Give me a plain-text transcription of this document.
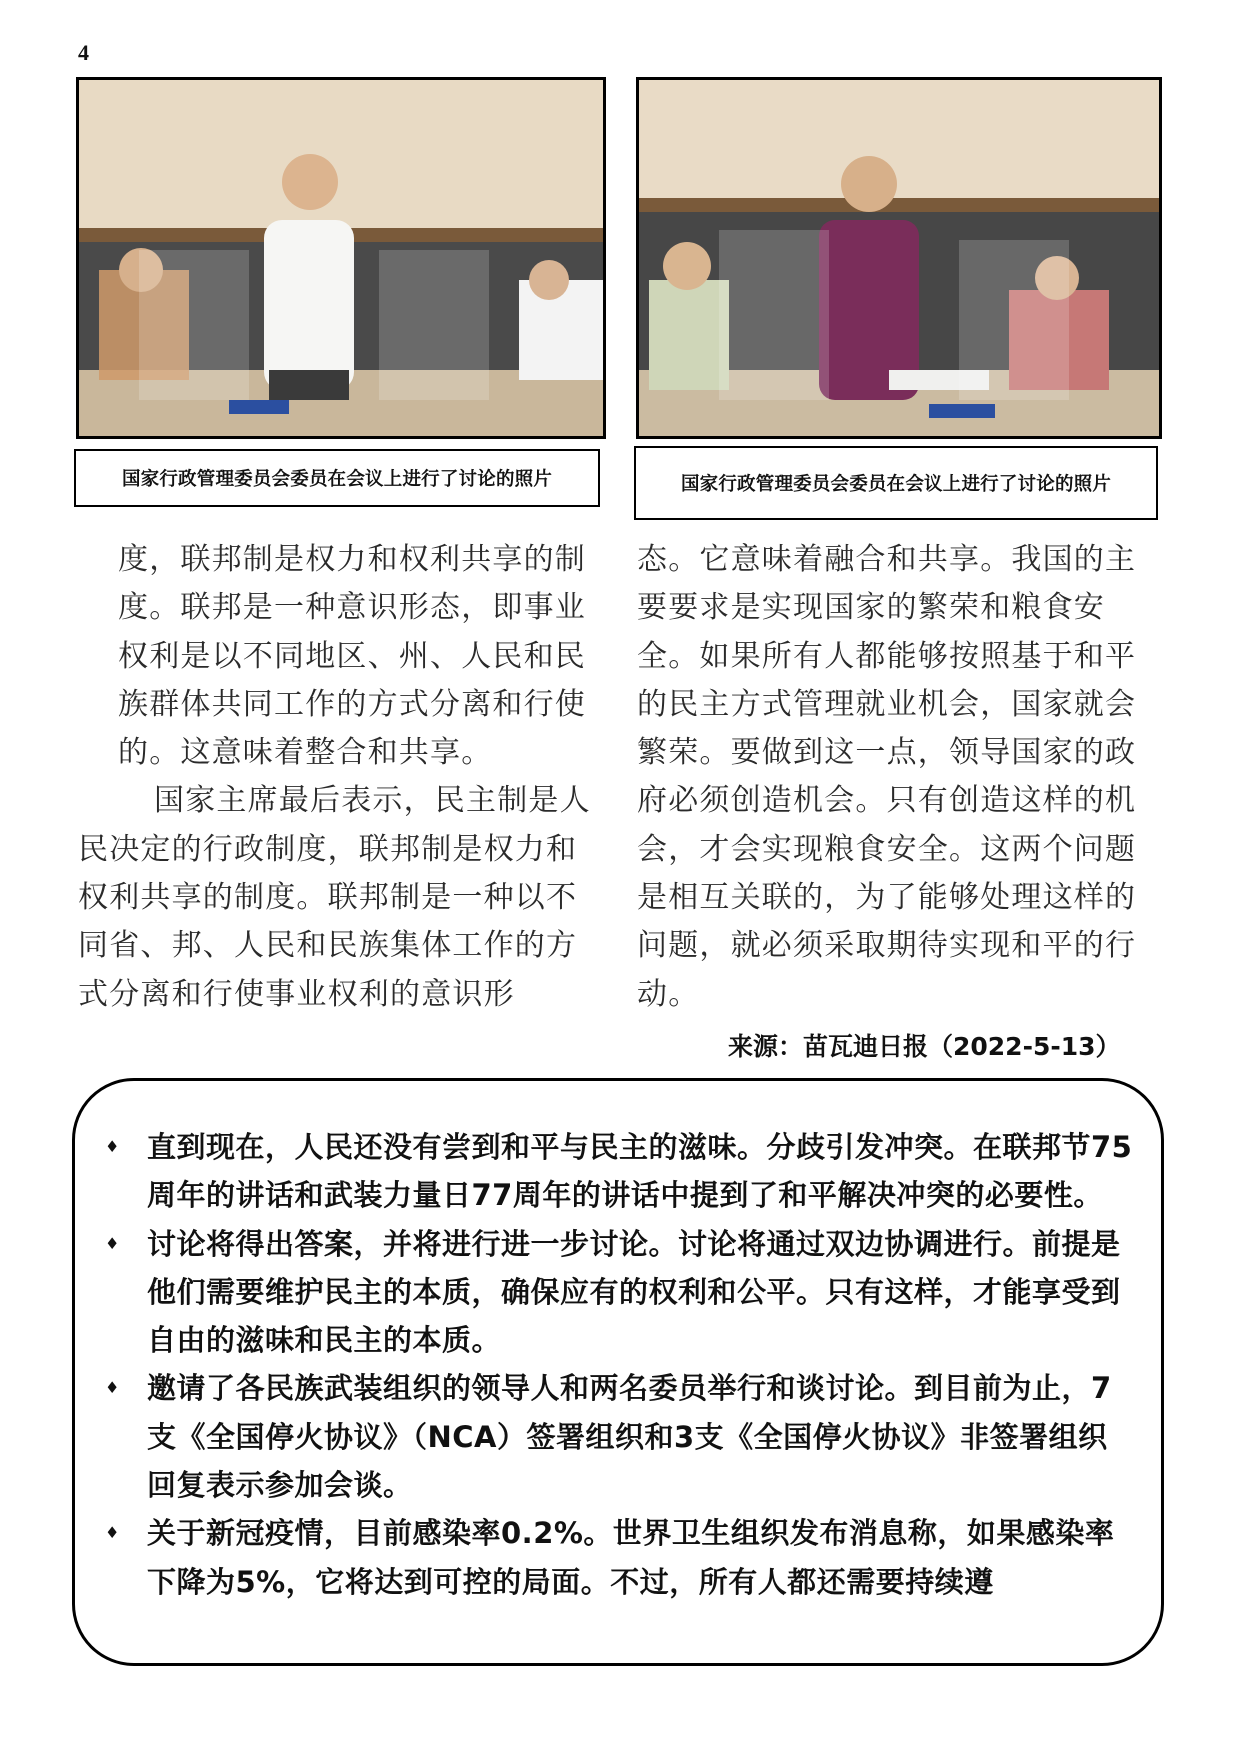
4
国家行政管理委员会委员在会议上进行了讨论的照片	国家行政管理委员会委员在会议上进行了讨论的照片

度，联邦制是权力和权利共享的制度。联邦是一种意识形态，即事业权利是以不同地区、州、人民和民族群体共同工作的方式分离和行使的。这意味着整合和共享。

国家主席最后表示，民主制是人民决定的行政制度，联邦制是权力和权利共享的制度。联邦制是一种以不同省、邦、人民和民族集体工作的方式分离和行使事业权利的意识形

态。它意味着融合和共享。我国的主要要求是实现国家的繁荣和粮食安全。如果所有人都能够按照基于和平的民主方式管理就业机会，国家就会繁荣。要做到这一点，领导国家的政府必须创造机会。只有创造这样的机会，才会实现粮食安全。这两个问题是相互关联的，为了能够处理这样的问题，就必须采取期待实现和平的行动。

来源：苗瓦迪日报（2022-5-13）
♦ 直到现在，人民还没有尝到和平与民主的滋味。分歧引发冲突。在联邦节75周年的讲话和武装力量日77周年的讲话中提到了和平解决冲突的必要性。
♦ 讨论将得出答案，并将进行进一步讨论。讨论将通过双边协调进行。前提是他们需要维护民主的本质，确保应有的权利和公平。只有这样，才能享受到自由的滋味和民主的本质。
♦ 邀请了各民族武装组织的领导人和两名委员举行和谈讨论。到目前为止，7支《全国停火协议》（NCA）签署组织和3支《全国停火协议》非签署组织回复表示参加会谈。
♦ 关于新冠疫情，目前感染率0.2%。世界卫生组织发布消息称，如果感染率下降为5%，它将达到可控的局面。不过，所有人都还需要持续遵
